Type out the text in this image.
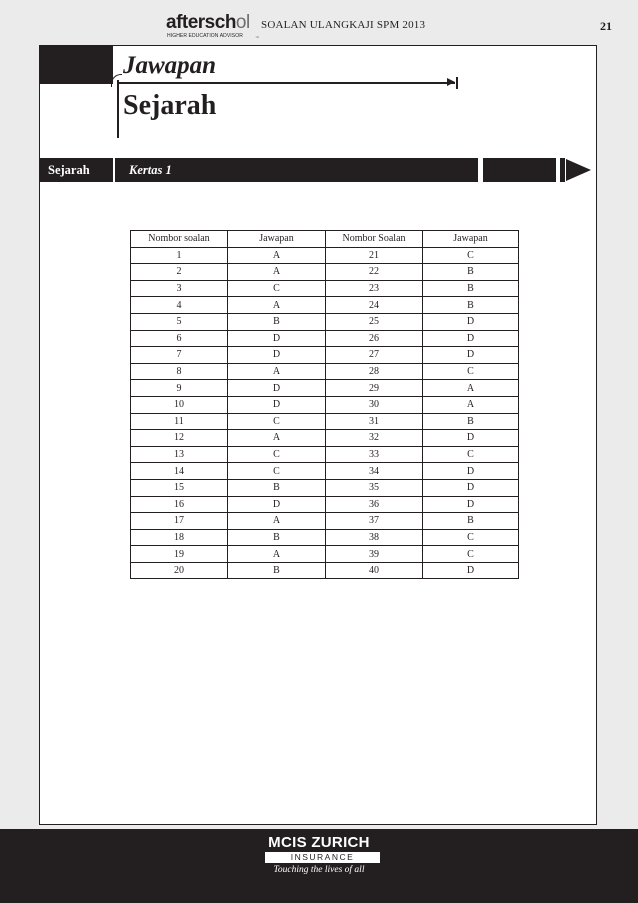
afterschol
HIGHER EDUCATION ADVISOR	™
SOALAN ULANGKAJI SPM 2013	21
Jawapan
Sejarah
Sejarah	Kertas 1
Nombor soalan	Jawapan	Nombor Soalan	Jawapan
1	A	21	C
2	A	22	B
3	C	23	B
4	A	24	B
5	B	25	D
6	D	26	D
7	D	27	D
8	A	28	C
9	D	29	A
10	D	30	A
11	C	31	B
12	A	32	D
13	C	33	C
14	C	34	D
15	B	35	D
16	D	36	D
17	A	37	B
18	B	38	C
19	A	39	C
20	B	40	D
MCIS ZURICH
INSURANCE
Touching the lives of all
